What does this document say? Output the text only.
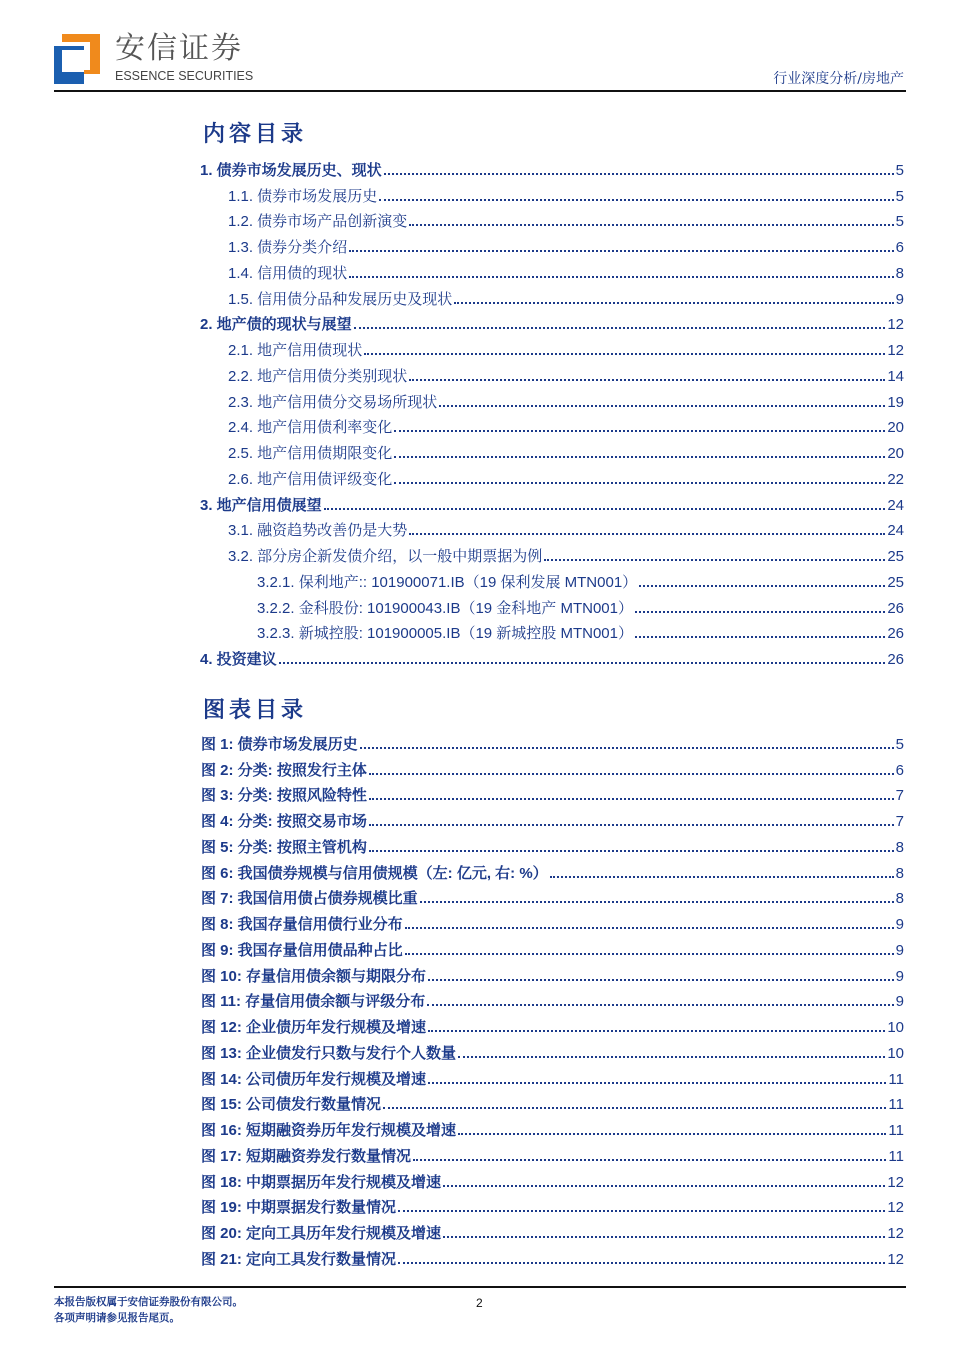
安信证券
ESSENCE SECURITIES	行业深度分析/房地产
内容目录
1. 债券市场发展历史、现状	5
1.1. 债券市场发展历史	5
1.2. 债券市场产品创新演变	5
1.3. 债券分类介绍	6
1.4. 信用债的现状	8
1.5. 信用债分品种发展历史及现状	9
2. 地产债的现状与展望	12
2.1. 地产信用债现状	12
2.2. 地产信用债分类别现状	14
2.3. 地产信用债分交易场所现状	19
2.4. 地产信用债利率变化	20
2.5. 地产信用债期限变化	20
2.6. 地产信用债评级变化	22
3. 地产信用债展望	24
3.1. 融资趋势改善仍是大势	24
3.2. 部分房企新发债介绍，以一般中期票据为例	25
3.2.1. 保利地产:: 101900071.IB（19 保利发展 MTN001）	25
3.2.2. 金科股份: 101900043.IB（19 金科地产 MTN001）	26
3.2.3. 新城控股: 101900005.IB（19 新城控股 MTN001）	26
4. 投资建议	26
图表目录
图 1: 债券市场发展历史	5
图 2: 分类: 按照发行主体	6
图 3: 分类: 按照风险特性	7
图 4: 分类: 按照交易市场	7
图 5: 分类: 按照主管机构	8
图 6: 我国债券规模与信用债规模（左: 亿元, 右: %）	8
图 7: 我国信用债占债券规模比重	8
图 8: 我国存量信用债行业分布	9
图 9: 我国存量信用债品种占比	9
图 10: 存量信用债余额与期限分布	9
图 11: 存量信用债余额与评级分布	9
图 12: 企业债历年发行规模及增速	10
图 13: 企业债发行只数与发行个人数量	10
图 14: 公司债历年发行规模及增速	11
图 15: 公司债发行数量情况	11
图 16: 短期融资券历年发行规模及增速	11
图 17: 短期融资券发行数量情况	11
图 18: 中期票据历年发行规模及增速	12
图 19: 中期票据发行数量情况	12
图 20: 定向工具历年发行规模及增速	12
图 21: 定向工具发行数量情况	12
本报告版权属于安信证券股份有限公司。
各项声明请参见报告尾页。
2
